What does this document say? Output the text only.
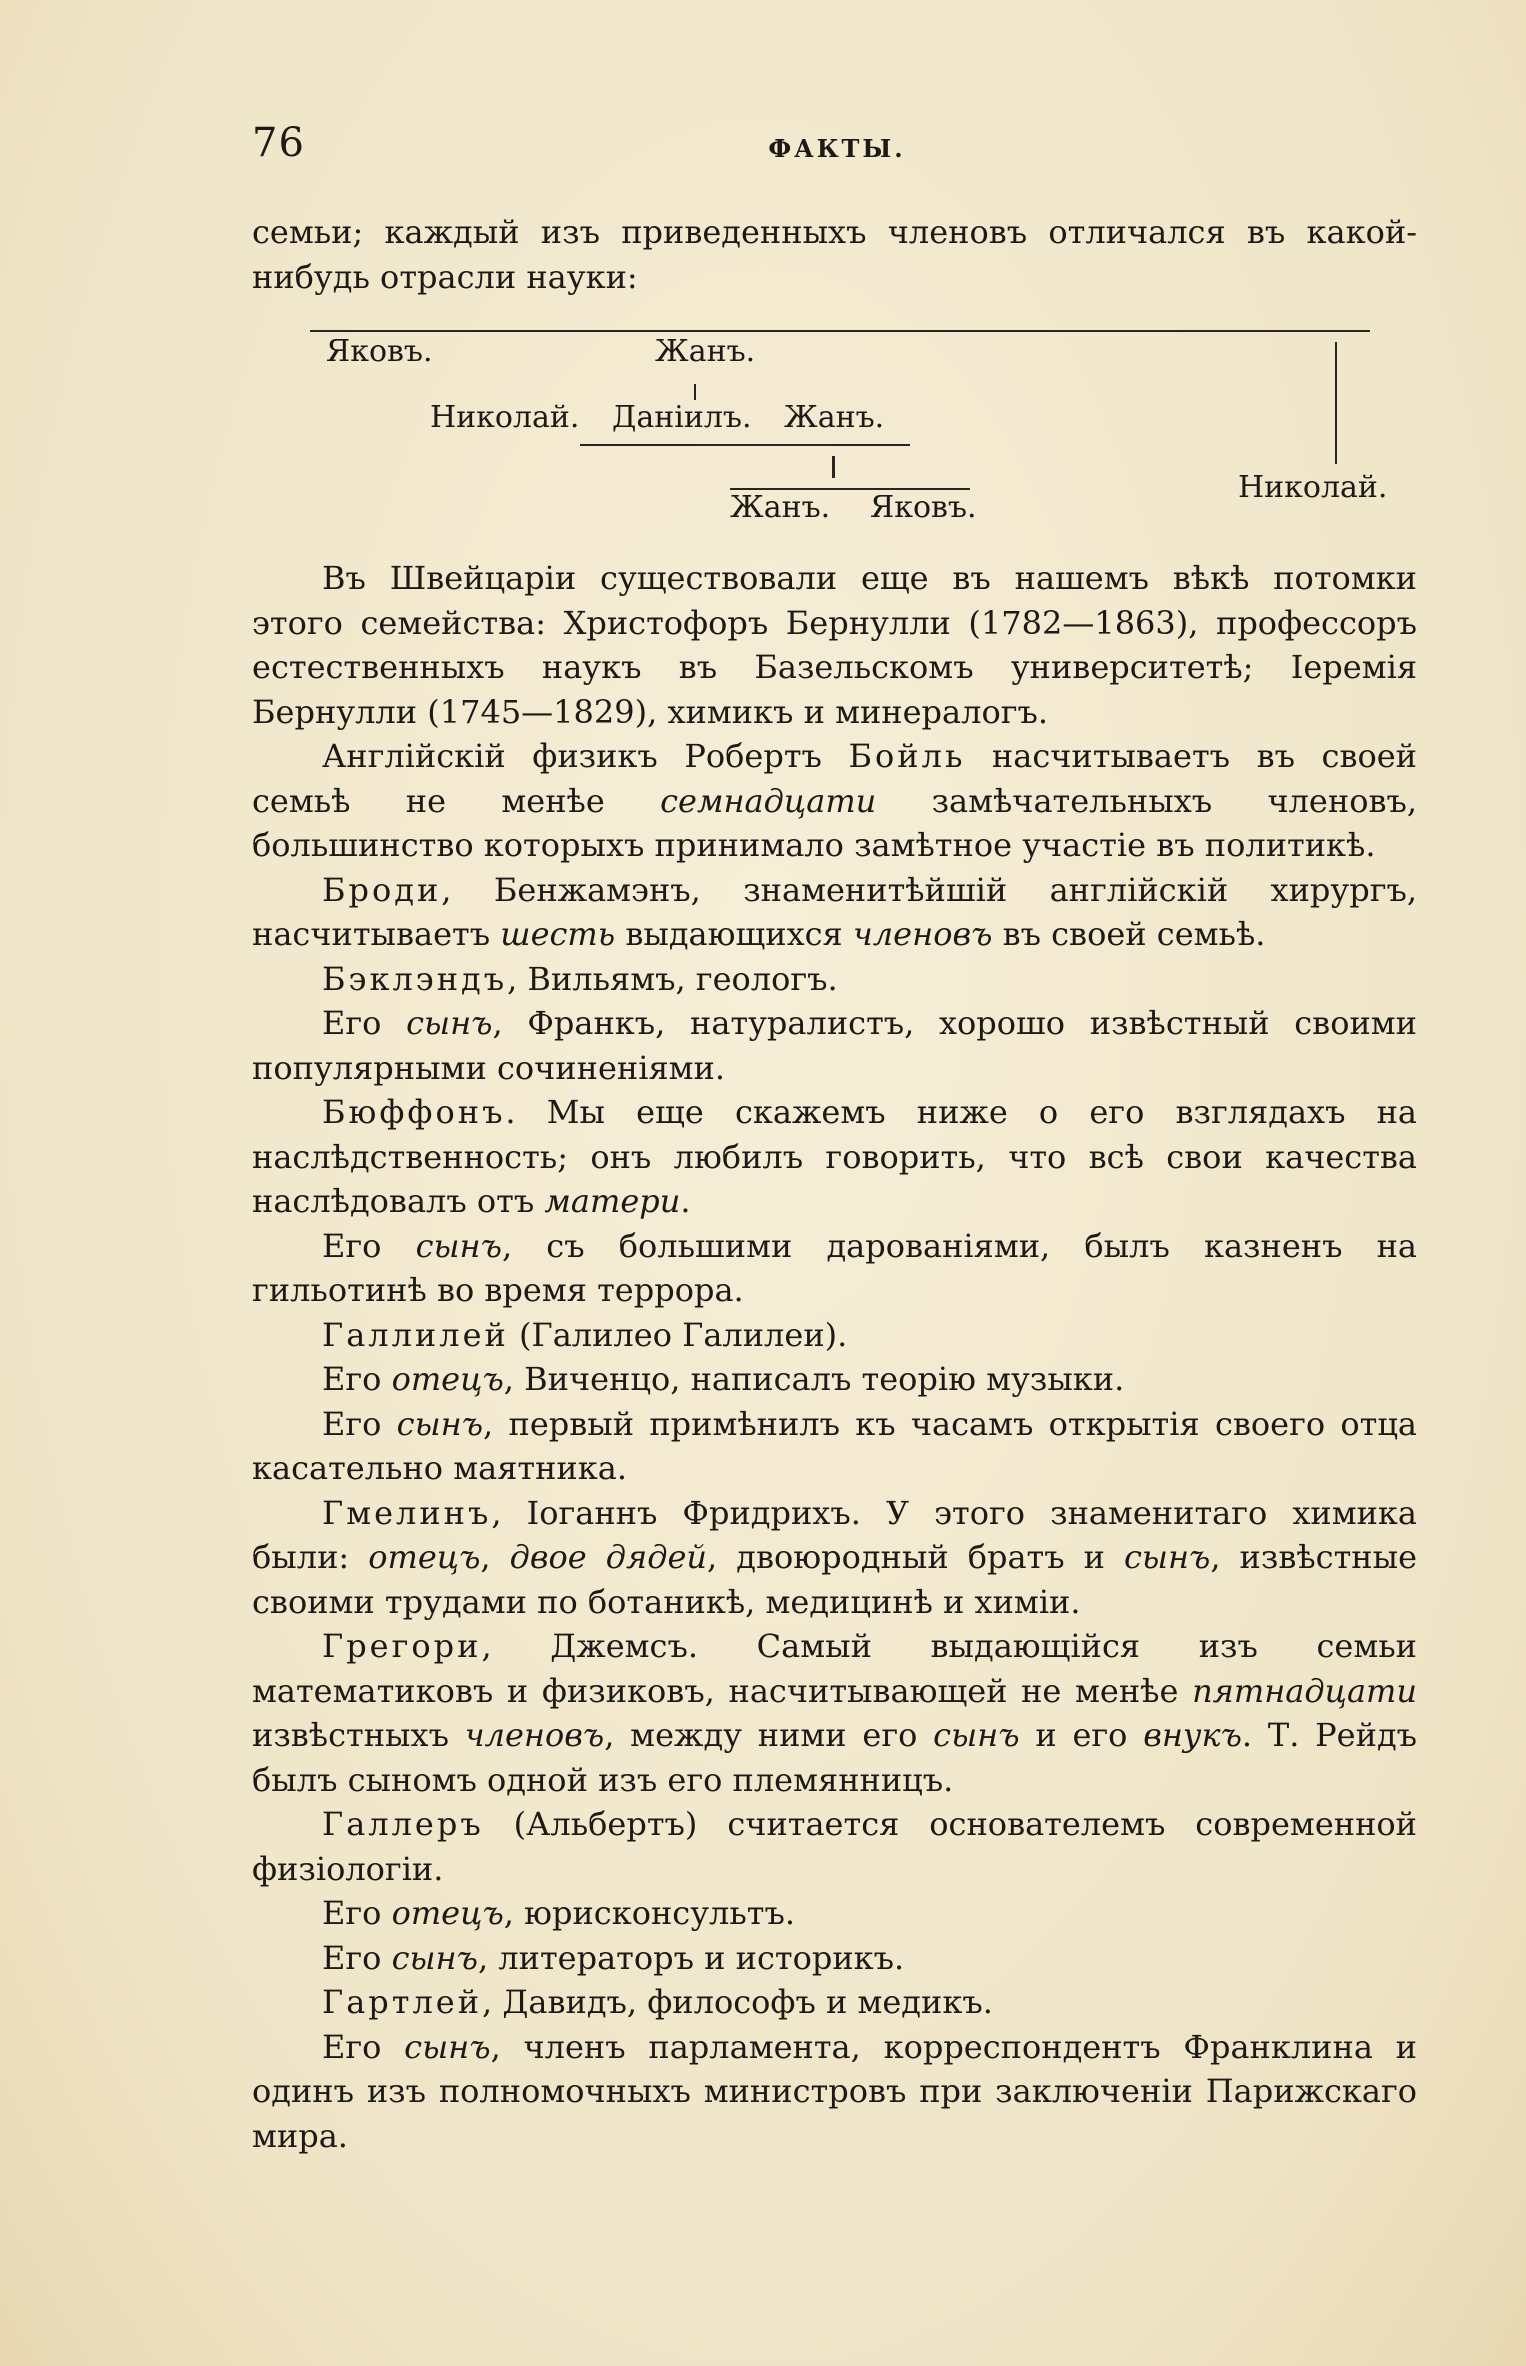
76	ФАКТЫ.

семьи; каждый изъ приведенныхъ членовъ отличался въ какой-нибудь отрасли науки:

Яковъ.	Жанъ.
Николай. Даніилъ. Жанъ.
Жанъ. Яковъ.
Николай.

Въ Швейцаріи существовали еще въ нашемъ вѣкѣ потомки этого семейства: Христофоръ Бернулли (1782—1863), профессоръ естественныхъ наукъ въ Базельскомъ университетѣ; Іеремія Бернулли (1745—1829), химикъ и минералогъ.

Англійскій физикъ Робертъ Бойль насчитываетъ въ своей семьѣ не менѣе семнадцати замѣчательныхъ членовъ, большинство которыхъ принимало замѣтное участіе въ политикѣ.

Броди, Бенжамэнъ, знаменитѣйшій англійскій хирургъ, насчитываетъ шесть выдающихся членовъ въ своей семьѣ.

Бэклэндъ, Вильямъ, геологъ.

Его сынъ, Франкъ, натуралистъ, хорошо извѣстный своими популярными сочиненіями.

Бюффонъ. Мы еще скажемъ ниже о его взглядахъ на наслѣдственность; онъ любилъ говорить, что всѣ свои качества наслѣдовалъ отъ матери.

Его сынъ, съ большими дарованіями, былъ казненъ на гильотинѣ во время террора.

Галлилей (Галилео Галилеи).

Его отецъ, Виченцо, написалъ теорію музыки.

Его сынъ, первый примѣнилъ къ часамъ открытія своего отца касательно маятника.

Гмелинъ, Іоганнъ Фридрихъ. У этого знаменитаго химика были: отецъ, двое дядей, двоюродный братъ и сынъ, извѣстные своими трудами по ботаникѣ, медицинѣ и химіи.

Грегори, Джемсъ. Самый выдающійся изъ семьи математиковъ и физиковъ, насчитывающей не менѣе пятнадцати извѣстныхъ членовъ, между ними его сынъ и его внукъ. Т. Рейдъ былъ сыномъ одной изъ его племянницъ.

Галлеръ (Альбертъ) считается основателемъ современной физіологіи.

Его отецъ, юрисконсультъ.

Его сынъ, литераторъ и историкъ.

Гартлей, Давидъ, философъ и медикъ.

Его сынъ, членъ парламента, корреспондентъ Франклина и одинъ изъ полномочныхъ министровъ при заключеніи Парижскаго мира.
